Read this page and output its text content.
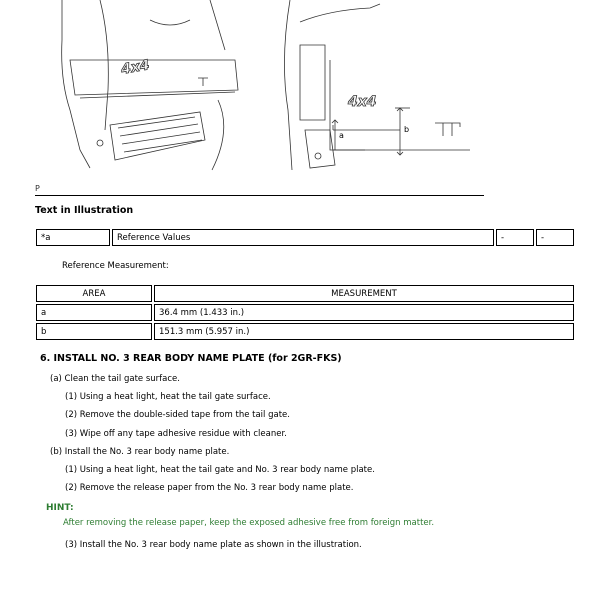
4x4
4x4
a
b
P
Text in Illustration
*a	Reference Values	-	-
Reference Measurement:
AREA	MEASUREMENT
a	36.4 mm (1.433 in.)
b	151.3 mm (5.957 in.)
6. INSTALL NO. 3 REAR BODY NAME PLATE (for 2GR-FKS)
(a) Clean the tail gate surface.
(1) Using a heat light, heat the tail gate surface.
(2) Remove the double-sided tape from the tail gate.
(3) Wipe off any tape adhesive residue with cleaner.
(b) Install the No. 3 rear body name plate.
(1) Using a heat light, heat the tail gate and No. 3 rear body name plate.
(2) Remove the release paper from the No. 3 rear body name plate.
HINT:
After removing the release paper, keep the exposed adhesive free from foreign matter.
(3) Install the No. 3 rear body name plate as shown in the illustration.
